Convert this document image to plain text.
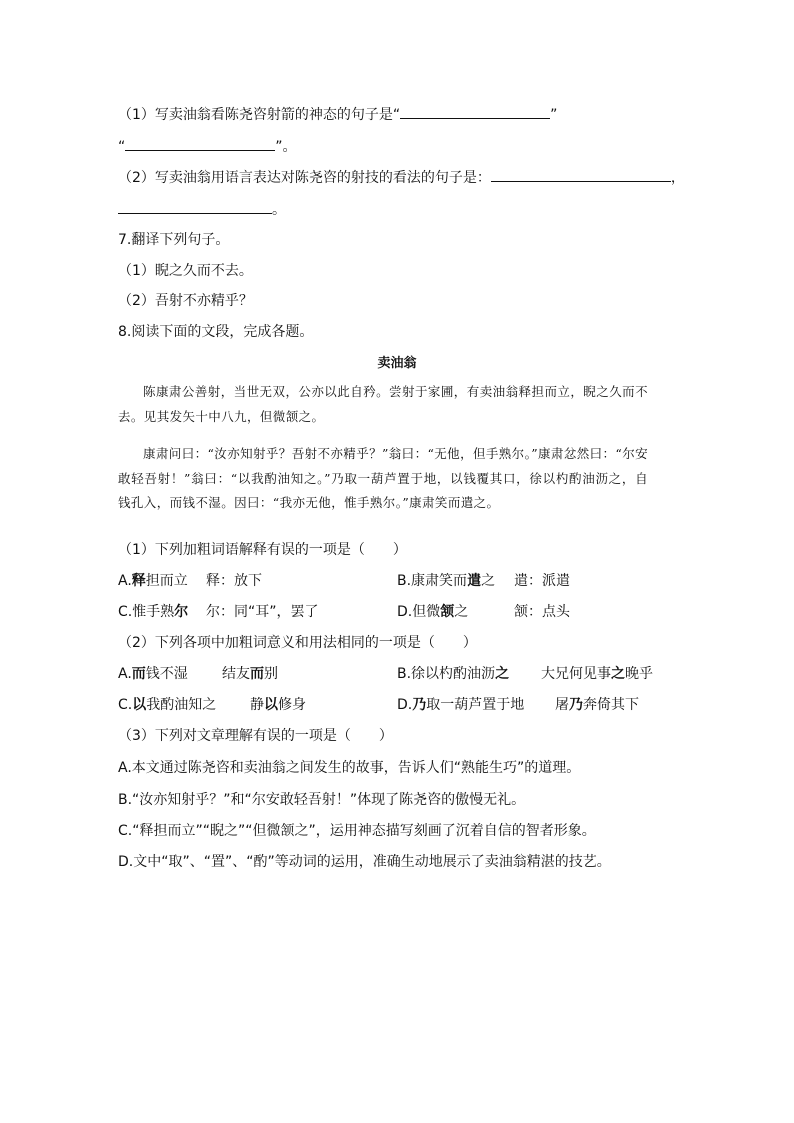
（1）写卖油翁看陈尧咨射箭的神态的句子是“	”
“	”。
（2）写卖油翁用语言表达对陈尧咨的射技的看法的句子是：	，
。
7.翻译下列句子。
（1）睨之久而不去。
（2）吾射不亦精乎？
8.阅读下面的文段，完成各题。
卖油翁
陈康肃公善射，当世无双，公亦以此自矜。尝射于家圃，有卖油翁释担而立，睨之久而不去。见其发矢十中八九，但微颔之。
康肃问曰：“汝亦知射乎？吾射不亦精乎？”翁曰：“无他，但手熟尔。”康肃忿然曰：“尔安敢轻吾射！”翁曰：“以我酌油知之。”乃取一葫芦置于地，以钱覆其口，徐以杓酌油沥之，自钱孔入，而钱不湿。因曰：“我亦无他，惟手熟尔。”康肃笑而遣之。
（1）下列加粗词语解释有误的一项是（　　）
A.释担而立 释：放下	B.康肃笑而遣之 遣：派遣
C.惟手熟尔 尔：同“耳”，罢了	D.但微颔之	颔：点头
（2）下列各项中加粗词意义和用法相同的一项是（　　）
A.而钱不湿 结友而别	B.徐以杓酌油沥之 大兄何见事之晚乎
C.以我酌油知之 静以修身	D.乃取一葫芦置于地 屠乃奔倚其下
（3）下列对文章理解有误的一项是（　　）
A.本文通过陈尧咨和卖油翁之间发生的故事，告诉人们“熟能生巧”的道理。
B.“汝亦知射乎？”和“尔安敢轻吾射！”体现了陈尧咨的傲慢无礼。
C.“释担而立”“睨之”“但微颔之”，运用神态描写刻画了沉着自信的智者形象。
D.文中“取”、“置”、“酌”等动词的运用，准确生动地展示了卖油翁精湛的技艺。
